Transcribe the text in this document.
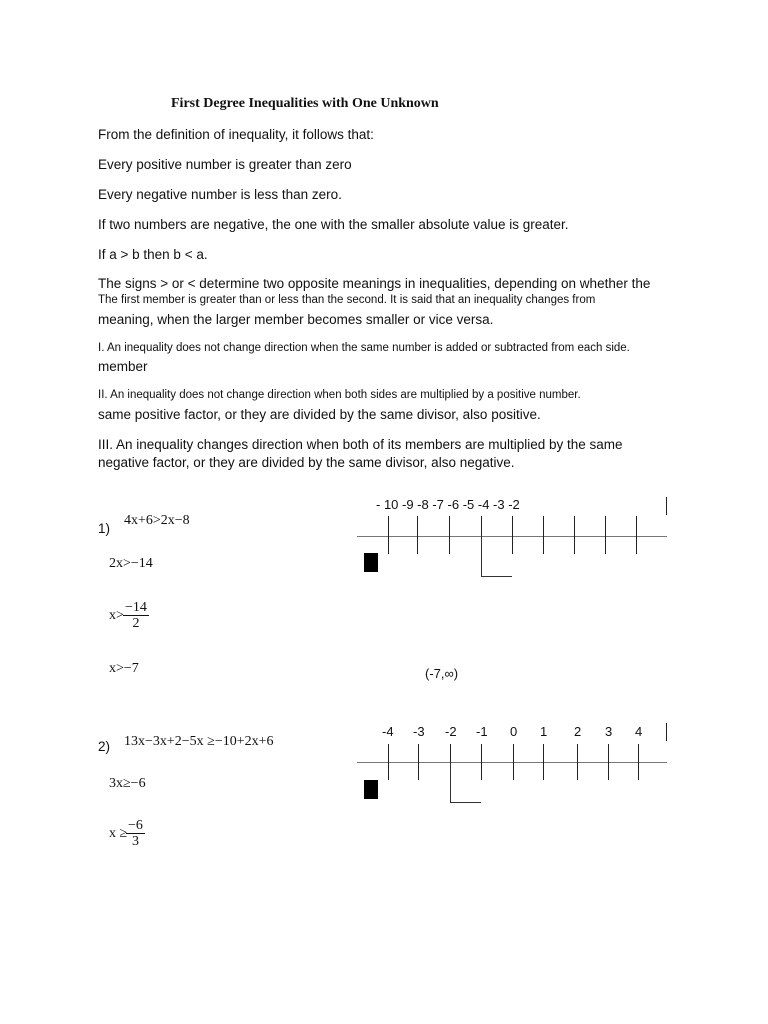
First Degree Inequalities with One Unknown
From the definition of inequality, it follows that:
Every positive number is greater than zero
Every negative number is less than zero.
If two numbers are negative, the one with the smaller absolute value is greater.
If a > b then b < a.
The signs > or < determine two opposite meanings in inequalities, depending on whether the
The first member is greater than or less than the second. It is said that an inequality changes from
meaning, when the larger member becomes smaller or vice versa.
I. An inequality does not change direction when the same number is added or subtracted from each side.
member
II. An inequality does not change direction when both sides are multiplied by a positive number.
same positive factor, or they are divided by the same divisor, also positive.
III. An inequality changes direction when both of its members are multiplied by the same
negative factor, or they are divided by the same divisor, also negative.
1)
4x+6>2x−8
2x>−14
$x> \frac{-14}{2}$
x>−7
- 10 -9 -8 -7 -6 -5 -4 -3 -2
(-7,∞)
2) 13x−3x+2−5x ≥−10+2x+6
3x≥−6
x ≥
$\frac{-6}{3}$
-4 -3 -2 -1 0 1 2 3 4
